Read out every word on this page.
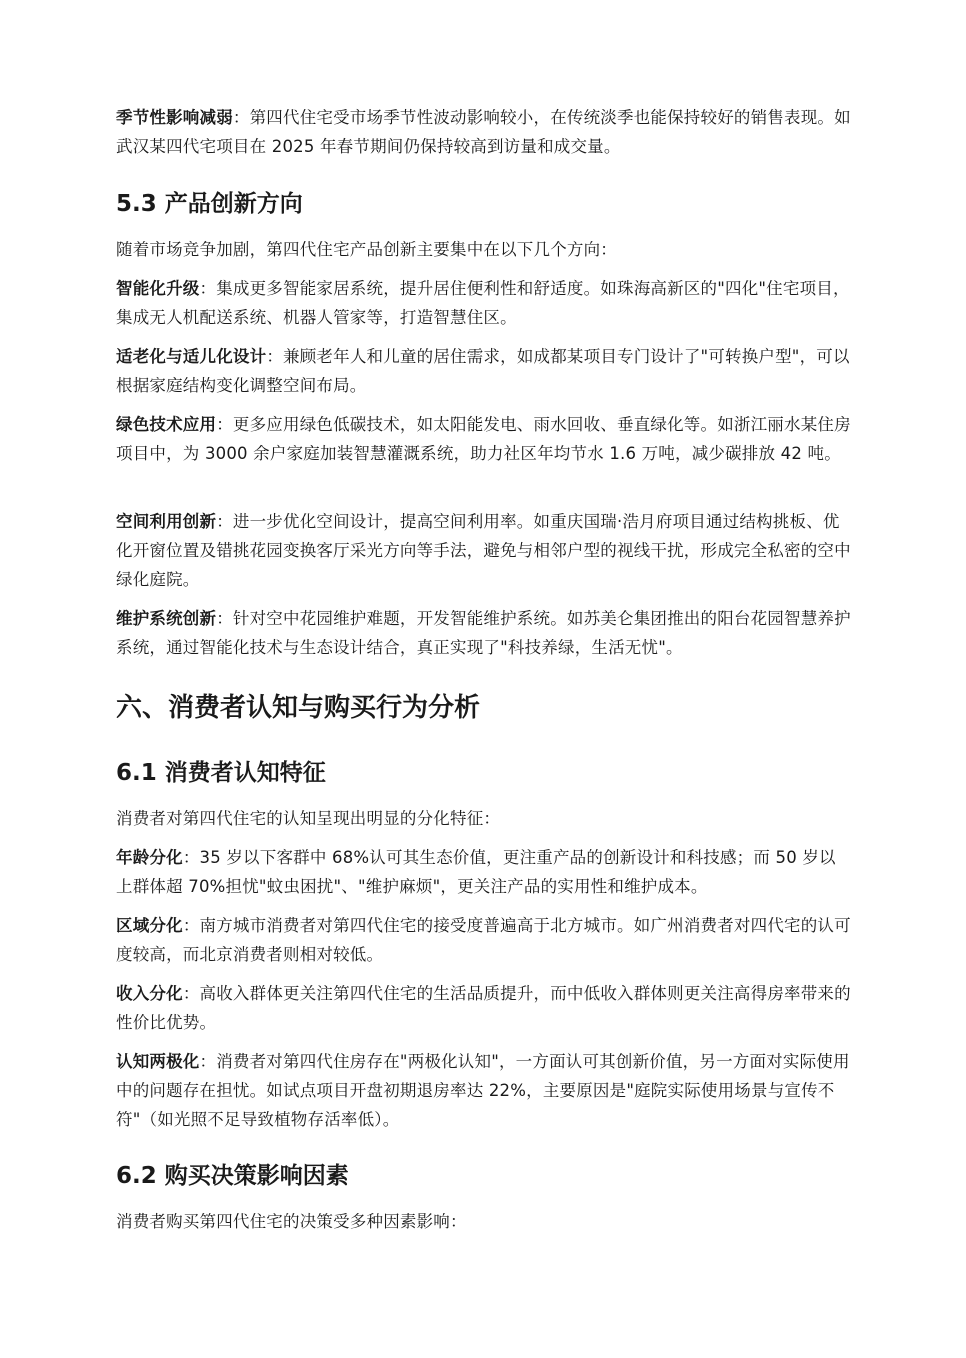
季节性影响减弱：第四代住宅受市场季节性波动影响较小，在传统淡季也能保持较好的销售表现。如武汉某四代宅项目在 2025 年春节期间仍保持较高到访量和成交量。

5.3 产品创新方向

随着市场竞争加剧，第四代住宅产品创新主要集中在以下几个方向：

智能化升级：集成更多智能家居系统，提升居住便利性和舒适度。如珠海高新区的"四化"住宅项目，集成无人机配送系统、机器人管家等，打造智慧住区。

适老化与适儿化设计：兼顾老年人和儿童的居住需求，如成都某项目专门设计了"可转换户型"，可以根据家庭结构变化调整空间布局。

绿色技术应用：更多应用绿色低碳技术，如太阳能发电、雨水回收、垂直绿化等。如浙江丽水某住房项目中，为 3000 余户家庭加装智慧灌溉系统，助力社区年均节水 1.6 万吨，减少碳排放 42 吨。

空间利用创新：进一步优化空间设计，提高空间利用率。如重庆国瑞·浩月府项目通过结构挑板、优化开窗位置及错挑花园变换客厅采光方向等手法，避免与相邻户型的视线干扰，形成完全私密的空中绿化庭院。

维护系统创新：针对空中花园维护难题，开发智能维护系统。如苏美仑集团推出的阳台花园智慧养护系统，通过智能化技术与生态设计结合，真正实现了"科技养绿，生活无忧"。

六、消费者认知与购买行为分析
6.1 消费者认知特征

消费者对第四代住宅的认知呈现出明显的分化特征：

年龄分化：35 岁以下客群中 68%认可其生态价值，更注重产品的创新设计和科技感；而 50 岁以上群体超 70%担忧"蚊虫困扰"、"维护麻烦"，更关注产品的实用性和维护成本。

区域分化：南方城市消费者对第四代住宅的接受度普遍高于北方城市。如广州消费者对四代宅的认可度较高，而北京消费者则相对较低。

收入分化：高收入群体更关注第四代住宅的生活品质提升，而中低收入群体则更关注高得房率带来的性价比优势。

认知两极化：消费者对第四代住房存在"两极化认知"，一方面认可其创新价值，另一方面对实际使用中的问题存在担忧。如试点项目开盘初期退房率达 22%，主要原因是"庭院实际使用场景与宣传不符"（如光照不足导致植物存活率低）。

6.2 购买决策影响因素

消费者购买第四代住宅的决策受多种因素影响：
